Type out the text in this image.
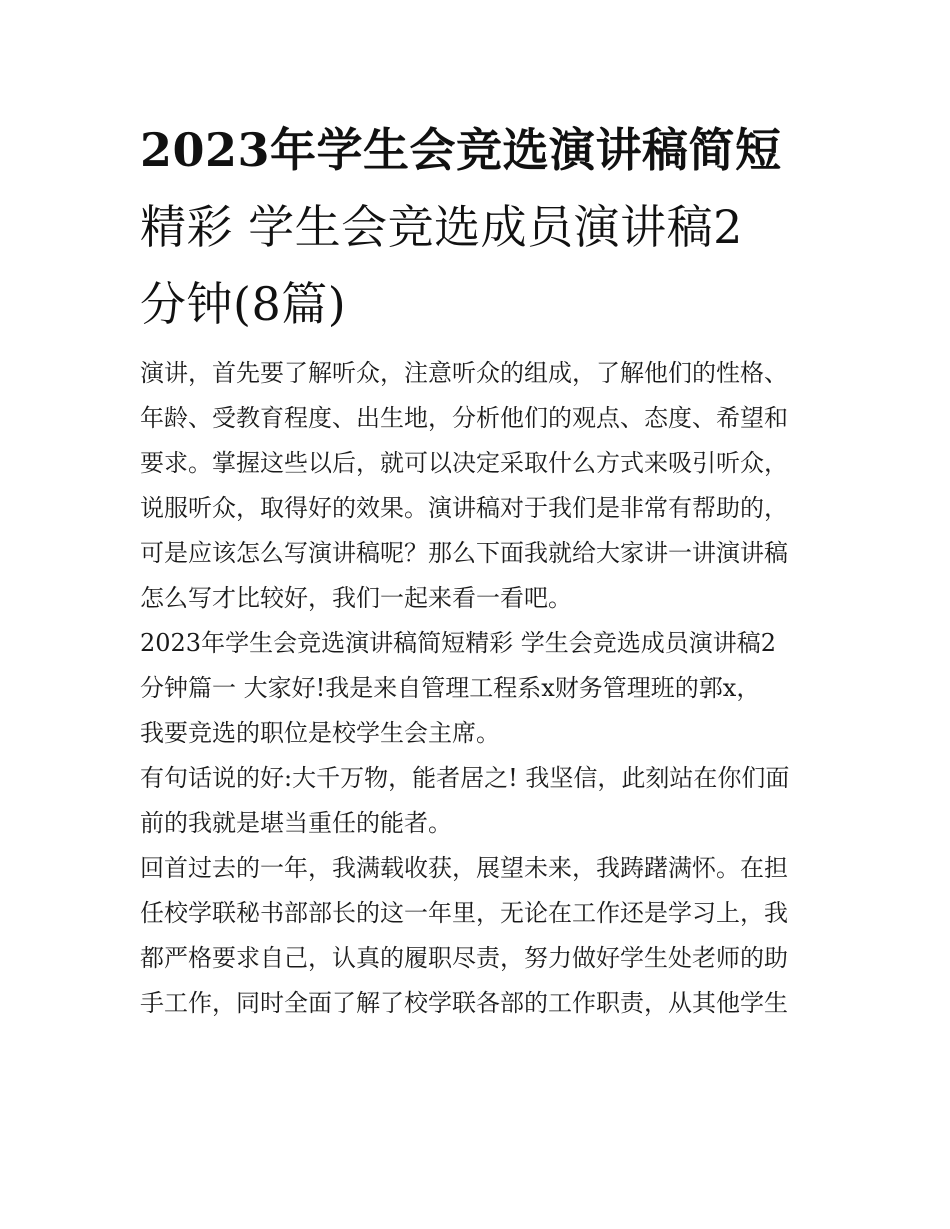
2023年学生会竞选演讲稿简短
精彩 学生会竞选成员演讲稿2
分钟(8篇)

演讲，首先要了解听众，注意听众的组成，了解他们的性格、
年龄、受教育程度、出生地，分析他们的观点、态度、希望和
要求。掌握这些以后，就可以决定采取什么方式来吸引听众，
说服听众，取得好的效果。演讲稿对于我们是非常有帮助的，
可是应该怎么写演讲稿呢？那么下面我就给大家讲一讲演讲稿
怎么写才比较好，我们一起来看一看吧。

2023年学生会竞选演讲稿简短精彩 学生会竞选成员演讲稿2
分钟篇一 大家好!我是来自管理工程系x财务管理班的郭x，
我要竞选的职位是校学生会主席。

有句话说的好:大千万物，能者居之! 我坚信，此刻站在你们面
前的我就是堪当重任的能者。

回首过去的一年，我满载收获，展望未来，我踌躇满怀。在担
任校学联秘书部部长的这一年里，无论在工作还是学习上，我
都严格要求自己，认真的履职尽责，努力做好学生处老师的助
手工作，同时全面了解了校学联各部的工作职责，从其他学生
